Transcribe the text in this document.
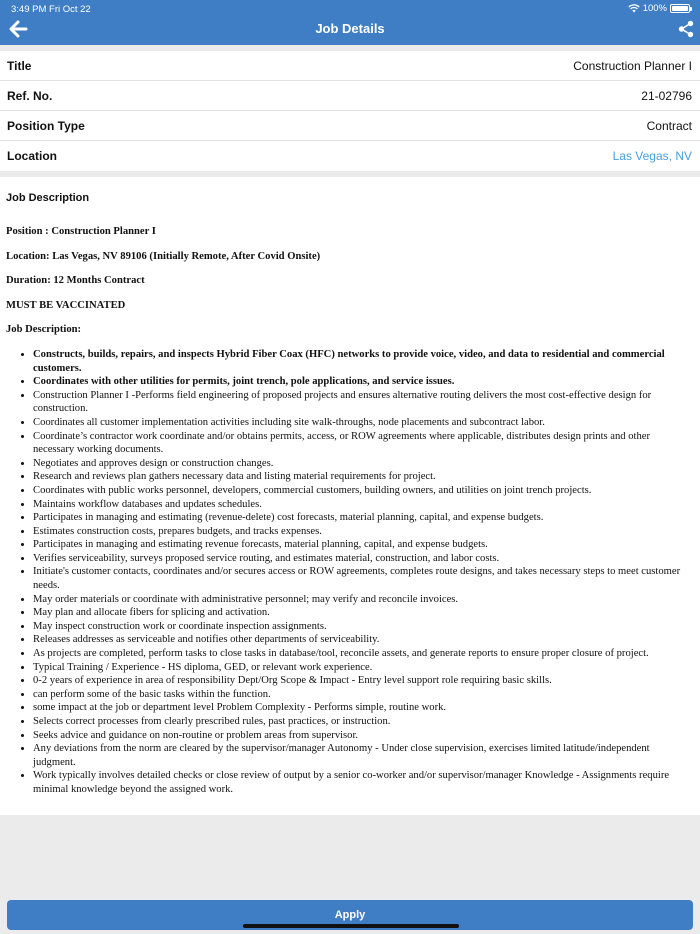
3:49 PM Fri Oct 22	100%
Job Details
Title	Construction Planner I
Ref. No.	21-02796
Position Type	Contract
Location	Las Vegas, NV
Job Description
Position : Construction Planner I
Location: Las Vegas, NV 89106 (Initially Remote, After Covid Onsite)
Duration: 12 Months Contract
MUST BE VACCINATED
Job Description:
• Constructs, builds, repairs, and inspects Hybrid Fiber Coax (HFC) networks to provide voice, video, and data to residential and commercial customers.
• Coordinates with other utilities for permits, joint trench, pole applications, and service issues.
• Construction Planner I -Performs field engineering of proposed projects and ensures alternative routing delivers the most cost-effective design for construction.
• Coordinates all customer implementation activities including site walk-throughs, node placements and subcontract labor.
• Coordinate’s contractor work coordinate and/or obtains permits, access, or ROW agreements where applicable, distributes design prints and other necessary working documents.
• Negotiates and approves design or construction changes.
• Research and reviews plan gathers necessary data and listing material requirements for project.
• Coordinates with public works personnel, developers, commercial customers, building owners, and utilities on joint trench projects.
• Maintains workflow databases and updates schedules.
• Participates in managing and estimating (revenue-delete) cost forecasts, material planning, capital, and expense budgets.
• Estimates construction costs, prepares budgets, and tracks expenses.
• Participates in managing and estimating revenue forecasts, material planning, capital, and expense budgets.
• Verifies serviceability, surveys proposed service routing, and estimates material, construction, and labor costs.
• Initiate's customer contacts, coordinates and/or secures access or ROW agreements, completes route designs, and takes necessary steps to meet customer needs.
• May order materials or coordinate with administrative personnel; may verify and reconcile invoices.
• May plan and allocate fibers for splicing and activation.
• May inspect construction work or coordinate inspection assignments.
• Releases addresses as serviceable and notifies other departments of serviceability.
• As projects are completed, perform tasks to close tasks in database/tool, reconcile assets, and generate reports to ensure proper closure of project.
• Typical Training / Experience - HS diploma, GED, or relevant work experience.
• 0-2 years of experience in area of responsibility Dept/Org Scope & Impact - Entry level support role requiring basic skills.
• can perform some of the basic tasks within the function.
• some impact at the job or department level Problem Complexity - Performs simple, routine work.
• Selects correct processes from clearly prescribed rules, past practices, or instruction.
• Seeks advice and guidance on non-routine or problem areas from supervisor.
• Any deviations from the norm are cleared by the supervisor/manager Autonomy - Under close supervision, exercises limited latitude/independent judgment.
• Work typically involves detailed checks or close review of output by a senior co-worker and/or supervisor/manager Knowledge - Assignments require minimal knowledge beyond the assigned work.
Apply
